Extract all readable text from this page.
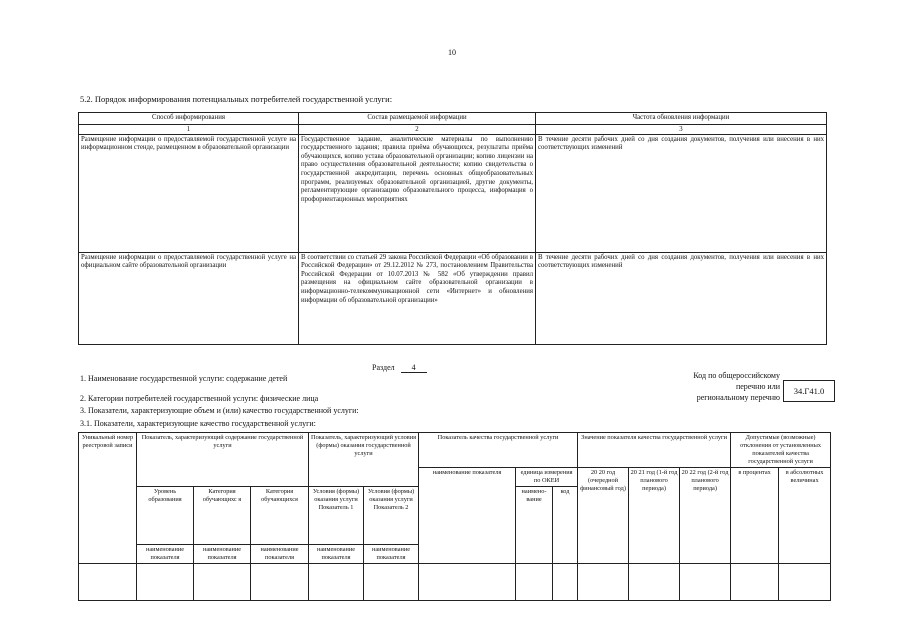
10
5.2. Порядок информирования потенциальных потребителей государственной услуги:
Способ информирования	Состав размещаемой информации	Частота обновления информации
1	2	3
Размещение информации о предоставляемой государственной услуге на информационном стенде, размещенном в образовательной организации	Государственное задание, аналитические материалы по выполнению государственного задания; правила приёма обучающихся, результаты приёма обучающихся, копию устава образовательной организации; копию лицензии на право осуществления образовательной деятельности; копию свидетельства о государственной аккредитации, перечень основных общеобразовательных программ, реализуемых образовательной организацией, другие документы, регламентирующие организацию образовательного процесса, информация о профориентационных мероприятиях	В течение десяти рабочих дней со дня создания документов, получения или внесения в них соответствующих изменений
Размещение информации о предоставляемой государственной услуге на официальном сайте образовательной организации	В соответствии со статьей 29 закона Российской Федерации «Об образовании в Российской Федерации» от 29.12.2012 № 273, постановлением Правительства Российской Федерации от 10.07.2013 № 582 «Об утверждении правил размещения на официальном сайте образовательной организации в информационно-телекоммуникационной сети «Интернет» и обновления информации об образовательной организации»	В течение десяти рабочих дней со дня создания документов, получения или внесения в них соответствующих изменений
Раздел 4
1. Наименование государственной услуги: содержание детей
2. Категории потребителей государственной услуги: физические лица
3. Показатели, характеризующие объем и (или) качество государственной услуги:
3.1. Показатели, характеризующие качество государственной услуги:
Код по общероссийскому
перечню или
региональному перечню
34.Г41.0
Уникальный номер реестровой записи	Показатель, характеризующий содержание государственной услуги			Показатель, характеризующий условия (формы) оказания государственной услуги		Показатель качества государственной услуги			Значение показателя качества государственной услуги			Допустимые (возможные) отклонения от установленных показателей качества государственной услуги	
						наименование показателя	единица измерения по ОКЕИ		20 20 год (очередной финансовый год)	20 21 год (1-й год планового периода)	20 22 год (2-й год планового периода)	в процентах	в абсолютных величинах
	Уровень образования	Категория обучающихс я	Категория обучающихся	Условия (формы) оказания услуги Показатель 1	Условия (формы) оказания услуги Показатель 2		наимено- вание	код					
	наименование показателя	наименование показателя	наименование показателя	наименование показателя	наименование показателя								
